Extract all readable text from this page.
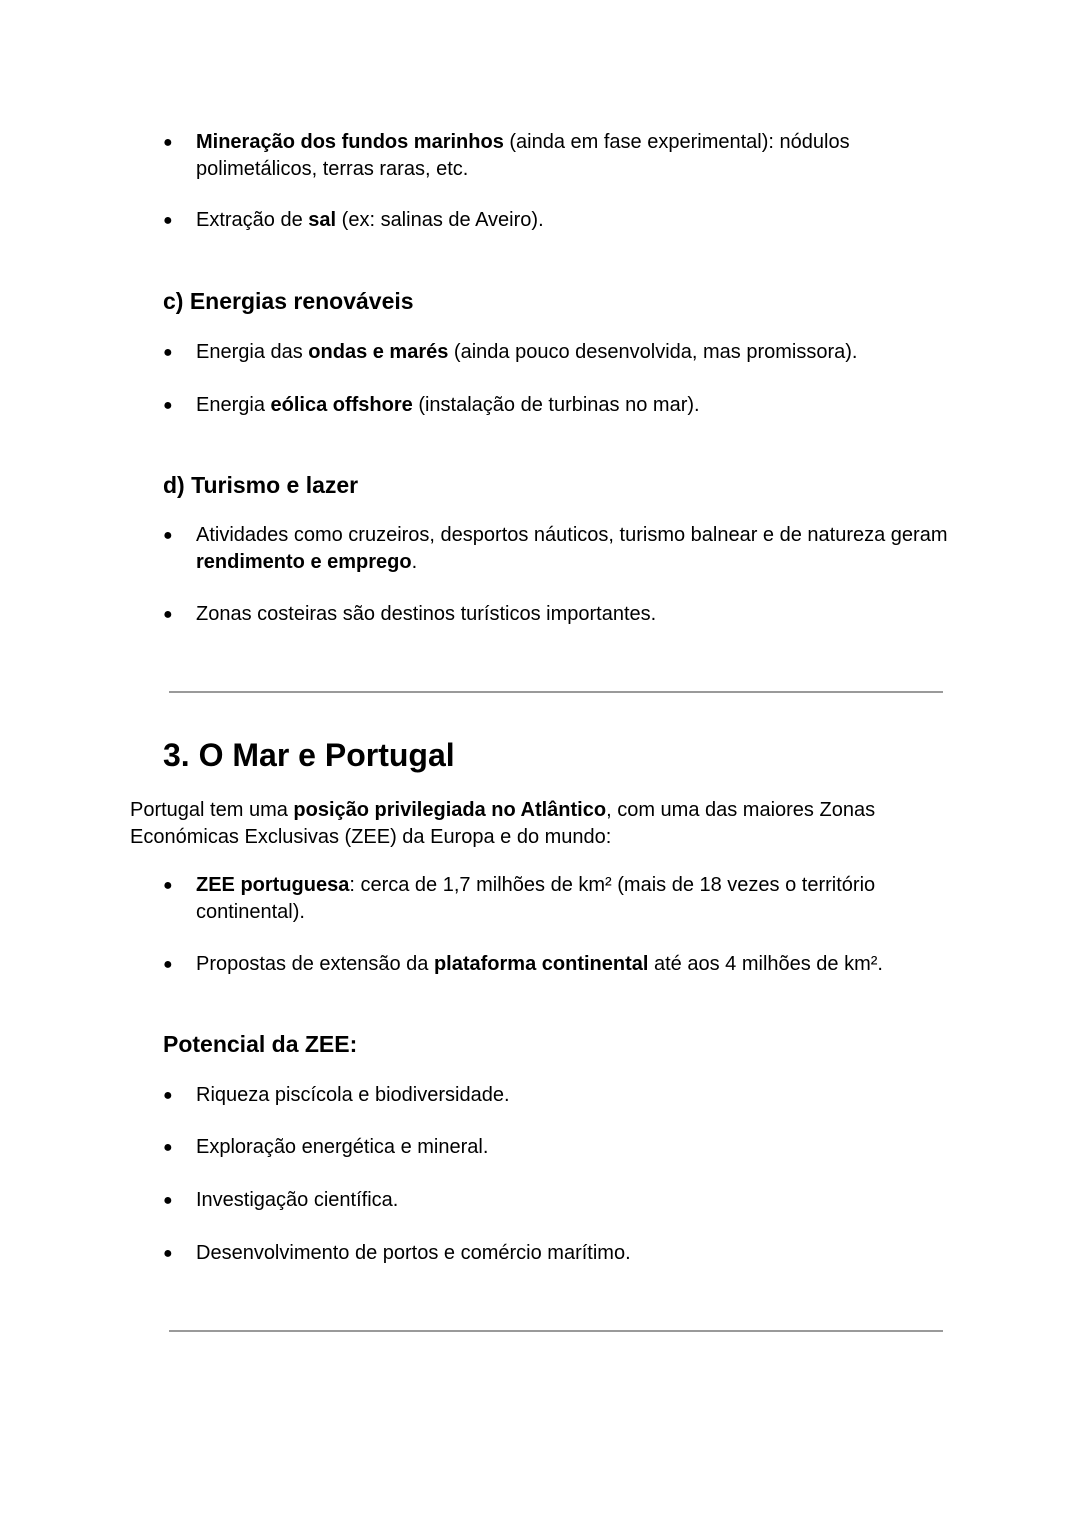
●	Mineração dos fundos marinhos (ainda em fase experimental): nódulos polimetálicos, terras raras, etc.
●	Extração de sal (ex: salinas de Aveiro).
c) Energias renováveis
●	Energia das ondas e marés (ainda pouco desenvolvida, mas promissora).
●	Energia eólica offshore (instalação de turbinas no mar).
d) Turismo e lazer
●	Atividades como cruzeiros, desportos náuticos, turismo balnear e de natureza geram rendimento e emprego.
●	Zonas costeiras são destinos turísticos importantes.
3. O Mar e Portugal
Portugal tem uma posição privilegiada no Atlântico, com uma das maiores Zonas Económicas Exclusivas (ZEE) da Europa e do mundo:
●	ZEE portuguesa: cerca de 1,7 milhões de km² (mais de 18 vezes o território continental).
●	Propostas de extensão da plataforma continental até aos 4 milhões de km².
Potencial da ZEE:
●	Riqueza piscícola e biodiversidade.
●	Exploração energética e mineral.
●	Investigação científica.
●	Desenvolvimento de portos e comércio marítimo.
